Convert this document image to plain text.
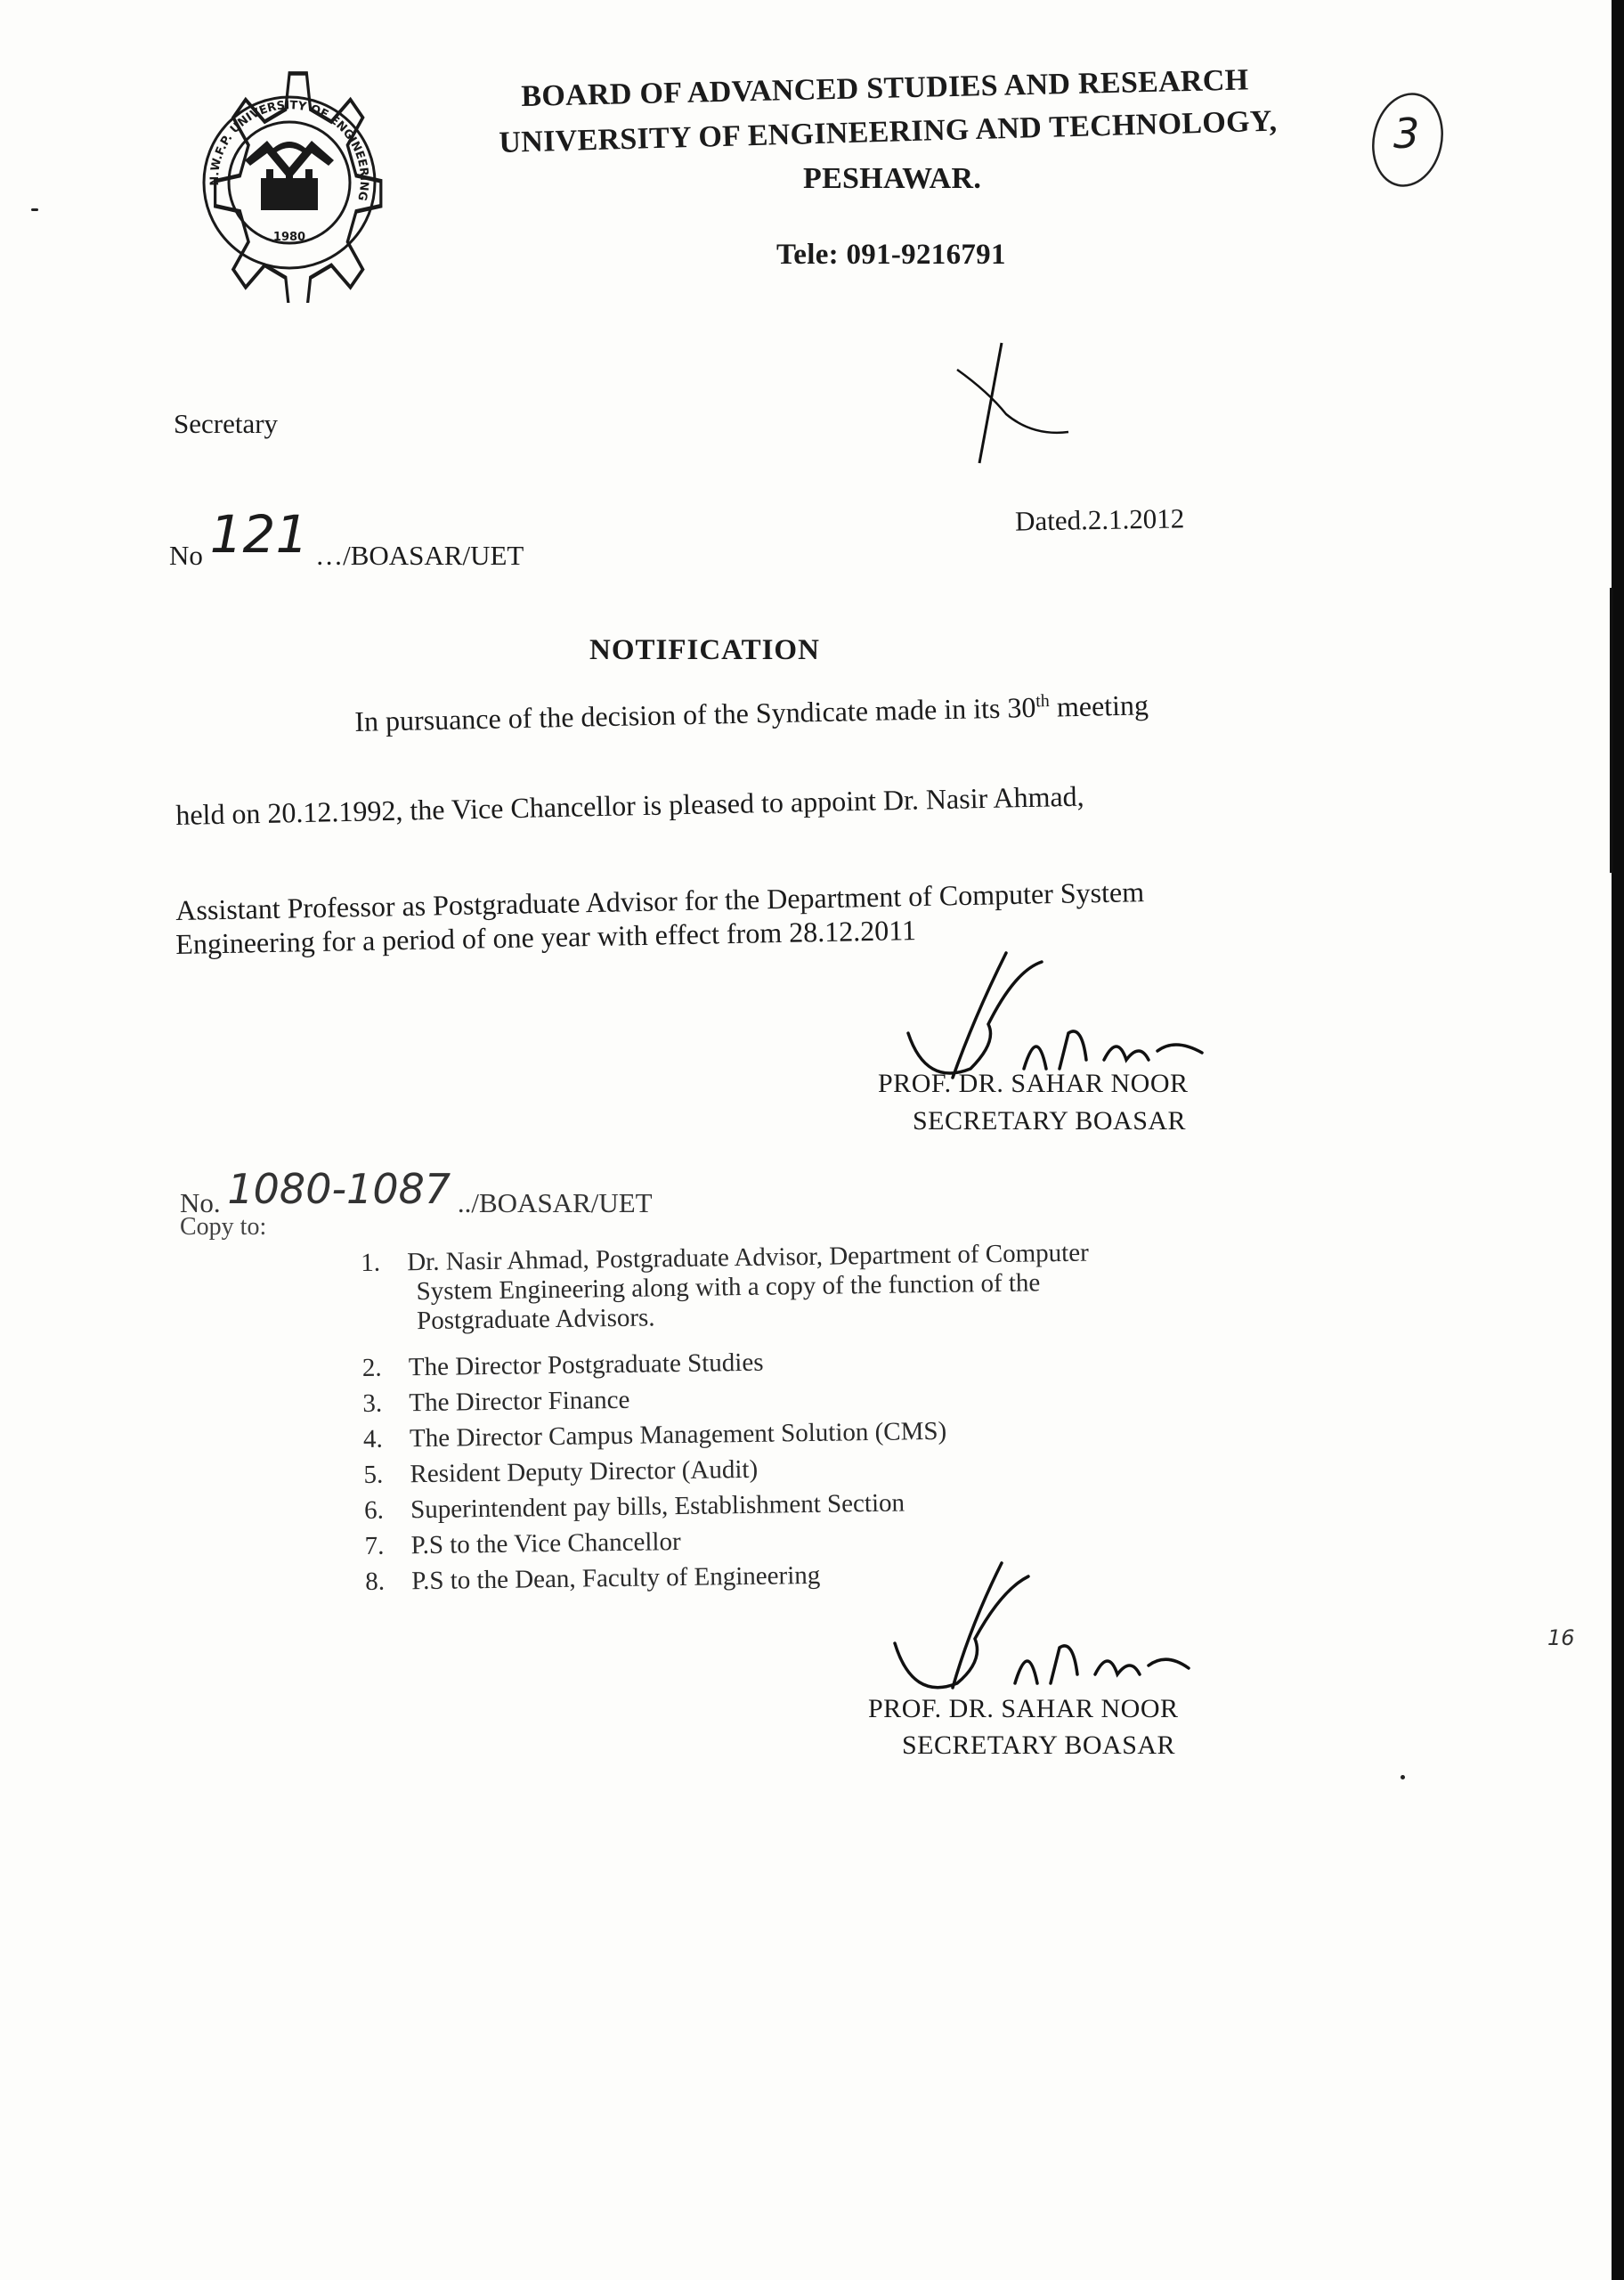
N.W.F.P. UNIVERSITY OF ENGINEERING
1980
BOARD OF ADVANCED STUDIES AND RESEARCH
UNIVERSITY OF ENGINEERING AND TECHNOLOGY,
PESHAWAR.
Tele: 091-9216791
3
Secretary
No 121 …/BOASAR/UET
Dated.2.1.2012
NOTIFICATION
In pursuance of the decision of the Syndicate made in its 30th meeting
held on 20.12.1992, the Vice Chancellor is pleased to appoint Dr. Nasir Ahmad,
Assistant Professor as Postgraduate Advisor for the Department of Computer System
Engineering for a period of one year with effect from 28.12.2011
PROF. DR. SAHAR NOOR
SECRETARY BOASAR
No. 1080-1087 ../BOASAR/UET
Copy to:
1. Dr. Nasir Ahmad, Postgraduate Advisor, Department of Computer
System Engineering along with a copy of the function of the
Postgraduate Advisors.
2. The Director Postgraduate Studies
3. The Director Finance
4. The Director Campus Management Solution (CMS)
5. Resident Deputy Director (Audit)
6. Superintendent pay bills, Establishment Section
7. P.S to the Vice Chancellor
8. P.S to the Dean, Faculty of Engineering
PROF. DR. SAHAR NOOR
SECRETARY BOASAR
16
